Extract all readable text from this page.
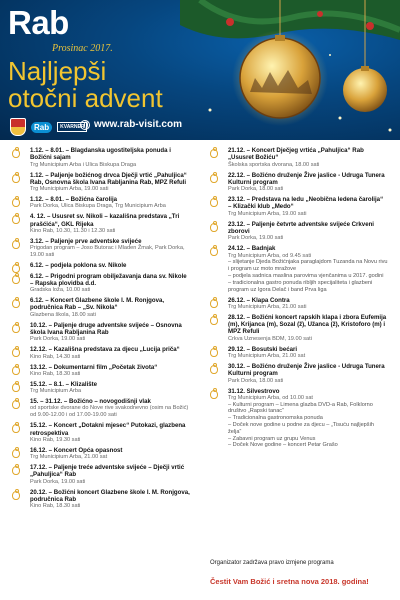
Rab
Prosinac 2017.
Najljepši
otočni advent
Rab	KVARNER www.rab-visit.com
1.12. – 8.01. – Blagdanska ugostiteljska ponuda i Božićni sajam
Trg Municipium Arba i Ulica Biskupa Draga
1.12. – Paljenje božićnog drvca Dječji vrtić „Pahuljica“ Rab, Osnovna škola Ivana Rabljanina Rab, MPZ Refuli
Trg Municipium Arba, 19.00 sati
1.12. – 8.01. – Božićna čarolija
Park Dorka, Ulica Biskupa Draga, Trg Municipium Arba
4. 12. – Ususret sv. Nikoli – kazališna predstava „Tri prašćića“, GKL Rijeka
Kino Rab, 10.30, 11.30 i 12.30 sati
3.12. – Paljenje prve adventske svijeće
Prigodan program – Joso Butorac i Mladen Žmak, Park Dorka, 19.00 sati
6.12. – podjela poklona sv. Nikole
6.12. – Prigodni program obilježavanja dana sv. Nikole – Rapska plovidba d.d.
Gradska loža, 10.00 sati
6.12. – Koncert Glazbene škole I. M. Ronjgova, područnica Rab – „Sv. Nikola“
Glazbena škola, 18.00 sati
10.12. – Paljenje druge adventske svijeće – Osnovna škola Ivana Rabljanina Rab
Park Dorka, 19.00 sati
12.12. – Kazališna predstava za djecu „Lucija priča“
Kino Rab, 14.30 sati
13.12. – Dokumentarni film „Početak života“
Kino Rab, 18.30 sati
15.12. – 8.1. – Klizalište
Trg Municipium Arba
15. – 31.12. – Božićno – novogodišnji vlak
od sportske dvorane do Nove rive svakodnevno (osim na Božić) od 9.00-12.00 i od 17.00-19.00 sati
15.12. – Koncert „Dotakni mjesec“ Putokazi, glazbena retrospektiva
Kino Rab, 19.30 sati
16.12. – Koncert Opća opasnost
Trg Municipium Arba, 21.00 sat
17.12. – Paljenje treće adventske svijeće – Dječji vrtić „Pahuljica“ Rab
Park Dorka, 19.00 sati
20.12. – Božićni koncert Glazbene škole I. M. Ronjgova, područnica Rab
Kino Rab, 18.30 sati
21.12. – Koncert Dječjeg vrtića „Pahuljica“ Rab „Ususret Božiću“
Školska sportska dvorana, 18.00 sati
22.12. – Božićno druženje Žive jaslice - Udruga Tunera Kulturni program
Park Dorka, 18.00 sati
23.12. – Predstava na ledu „Neobična ledena čarolija“ – Klizački klub „Medo“
Trg Municipium Arba, 19.00 sati
23.12. – Paljenje četvrte adventske svijeće Crkveni zborovi
Park Dorka, 19.00 sati
24.12. – Badnjak
Trg Municipium Arba, od 9.45 sati
– slijetanje Djeda Božićnjaka paraglajdom Tuzanda na Novu rivu i program uz moto mražove
– podjela sadnica maslina parovima vjenčanima u 2017. godini
– tradicionalna gastro ponuda ribljih specijaliteta i glazbeni program uz Igora Delač i band Prva liga
26.12. – Klapa Contra
Trg Municipium Arba, 21.00 sati
28.12. – Božićni koncert rapskih klapa i zbora Eufemija (m), Krijanca (m), Sozal (ž), Užanca (ž), Kristoforo (m) i MPZ Refuli
Crkva Uznesenja BDM, 19.00 sati
29.12. – Bosutski bećari
Trg Municipium Arba, 21.00 sat
30.12. – Božićno druženje Žive jaslice - Udruga Tunera Kulturni program
Park Dorka, 18.00 sati
31.12. Silvestrovo
Trg Municipium Arba, od 10.00 sat
– Kulturni program – Limena glazba DVD-a Rab, Folklorno društvo „Rapski tanac“
– Tradicionalna gastronomska ponuda
– Doček nove godine u podne za djecu – „Tisuću najljepših želja“
– Zabavni program uz grupu Venus
– Doček Nove godine – koncert Petar Grašo
Organizator zadržava pravo izmjene programa
Čestit Vam Božić i sretna nova 2018. godina!
